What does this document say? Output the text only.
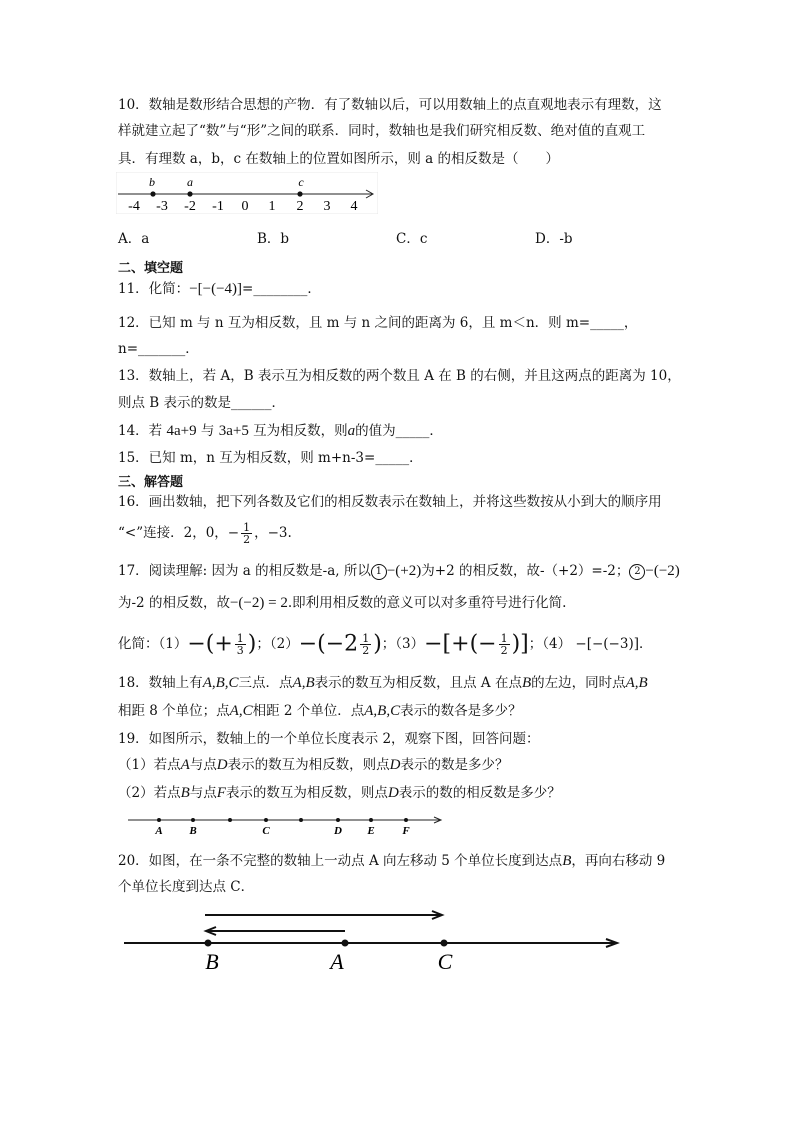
10．数轴是数形结合思想的产物．有了数轴以后，可以用数轴上的点直观地表示有理数，这
样就建立起了“数”与“形”之间的联系．同时，数轴也是我们研究相反数、绝对值的直观工
具．有理数 a，b，c 在数轴上的位置如图所示，则 a 的相反数是（　　）
-4 -3 -2 -1 0 1 2 3 4
b	a	c
A．a	B．b	C．c	D．-b
二、填空题
11．化简：−[−(−4)]=________．
12．已知 m 与 n 互为相反数，且 m 与 n 之间的距离为 6，且 m＜n．则 m=_____，
n=_______．
13．数轴上，若 A，B 表示互为相反数的两个数且 A 在 B 的右侧，并且这两点的距离为 10，
则点 B 表示的数是______．
14．若 4a+9 与 3a+5 互为相反数，则a的值为_____．
15．已知 m，n 互为相反数，则 m+n-3=_____．
三、解答题
16．画出数轴，把下列各数及它们的相反数表示在数轴上，并将这些数按从小到大的顺序用
“<”连接．2，0，− $\frac{1}{2}$ ，−3.
17．阅读理解: 因为 a 的相反数是-a, 所以 1 −(+2)为+2 的相反数，故-（+2）=-2； 2 −(−2)
为-2 的相反数，故−(−2) = 2.即利用相反数的意义可以对多重符号进行化简.
化简：$(1)-(+ \frac{1}{3}$ )；$(2)-(-2 \frac{1}{2}$ )；$(3)-[+(- \frac{1}{2}$ )]；（4） −[−(−3)]．
18．数轴上有A,B,C三点．点A,B表示的数互为相反数，且点 A 在点B的左边，同时点A,B
相距 8 个单位；点A,C相距 2 个单位．点A,B,C表示的数各是多少？
19．如图所示，数轴上的一个单位长度表示 2，观察下图，回答问题：
（1）若点A与点D表示的数互为相反数，则点D表示的数是多少？
（2）若点B与点F表示的数互为相反数，则点D表示的数的相反数是多少？
A B	C	D E	F
20．如图，在一条不完整的数轴上一动点 A 向左移动 5 个单位长度到达点B，再向右移动 9
个单位长度到达点 C．
B	A	C
